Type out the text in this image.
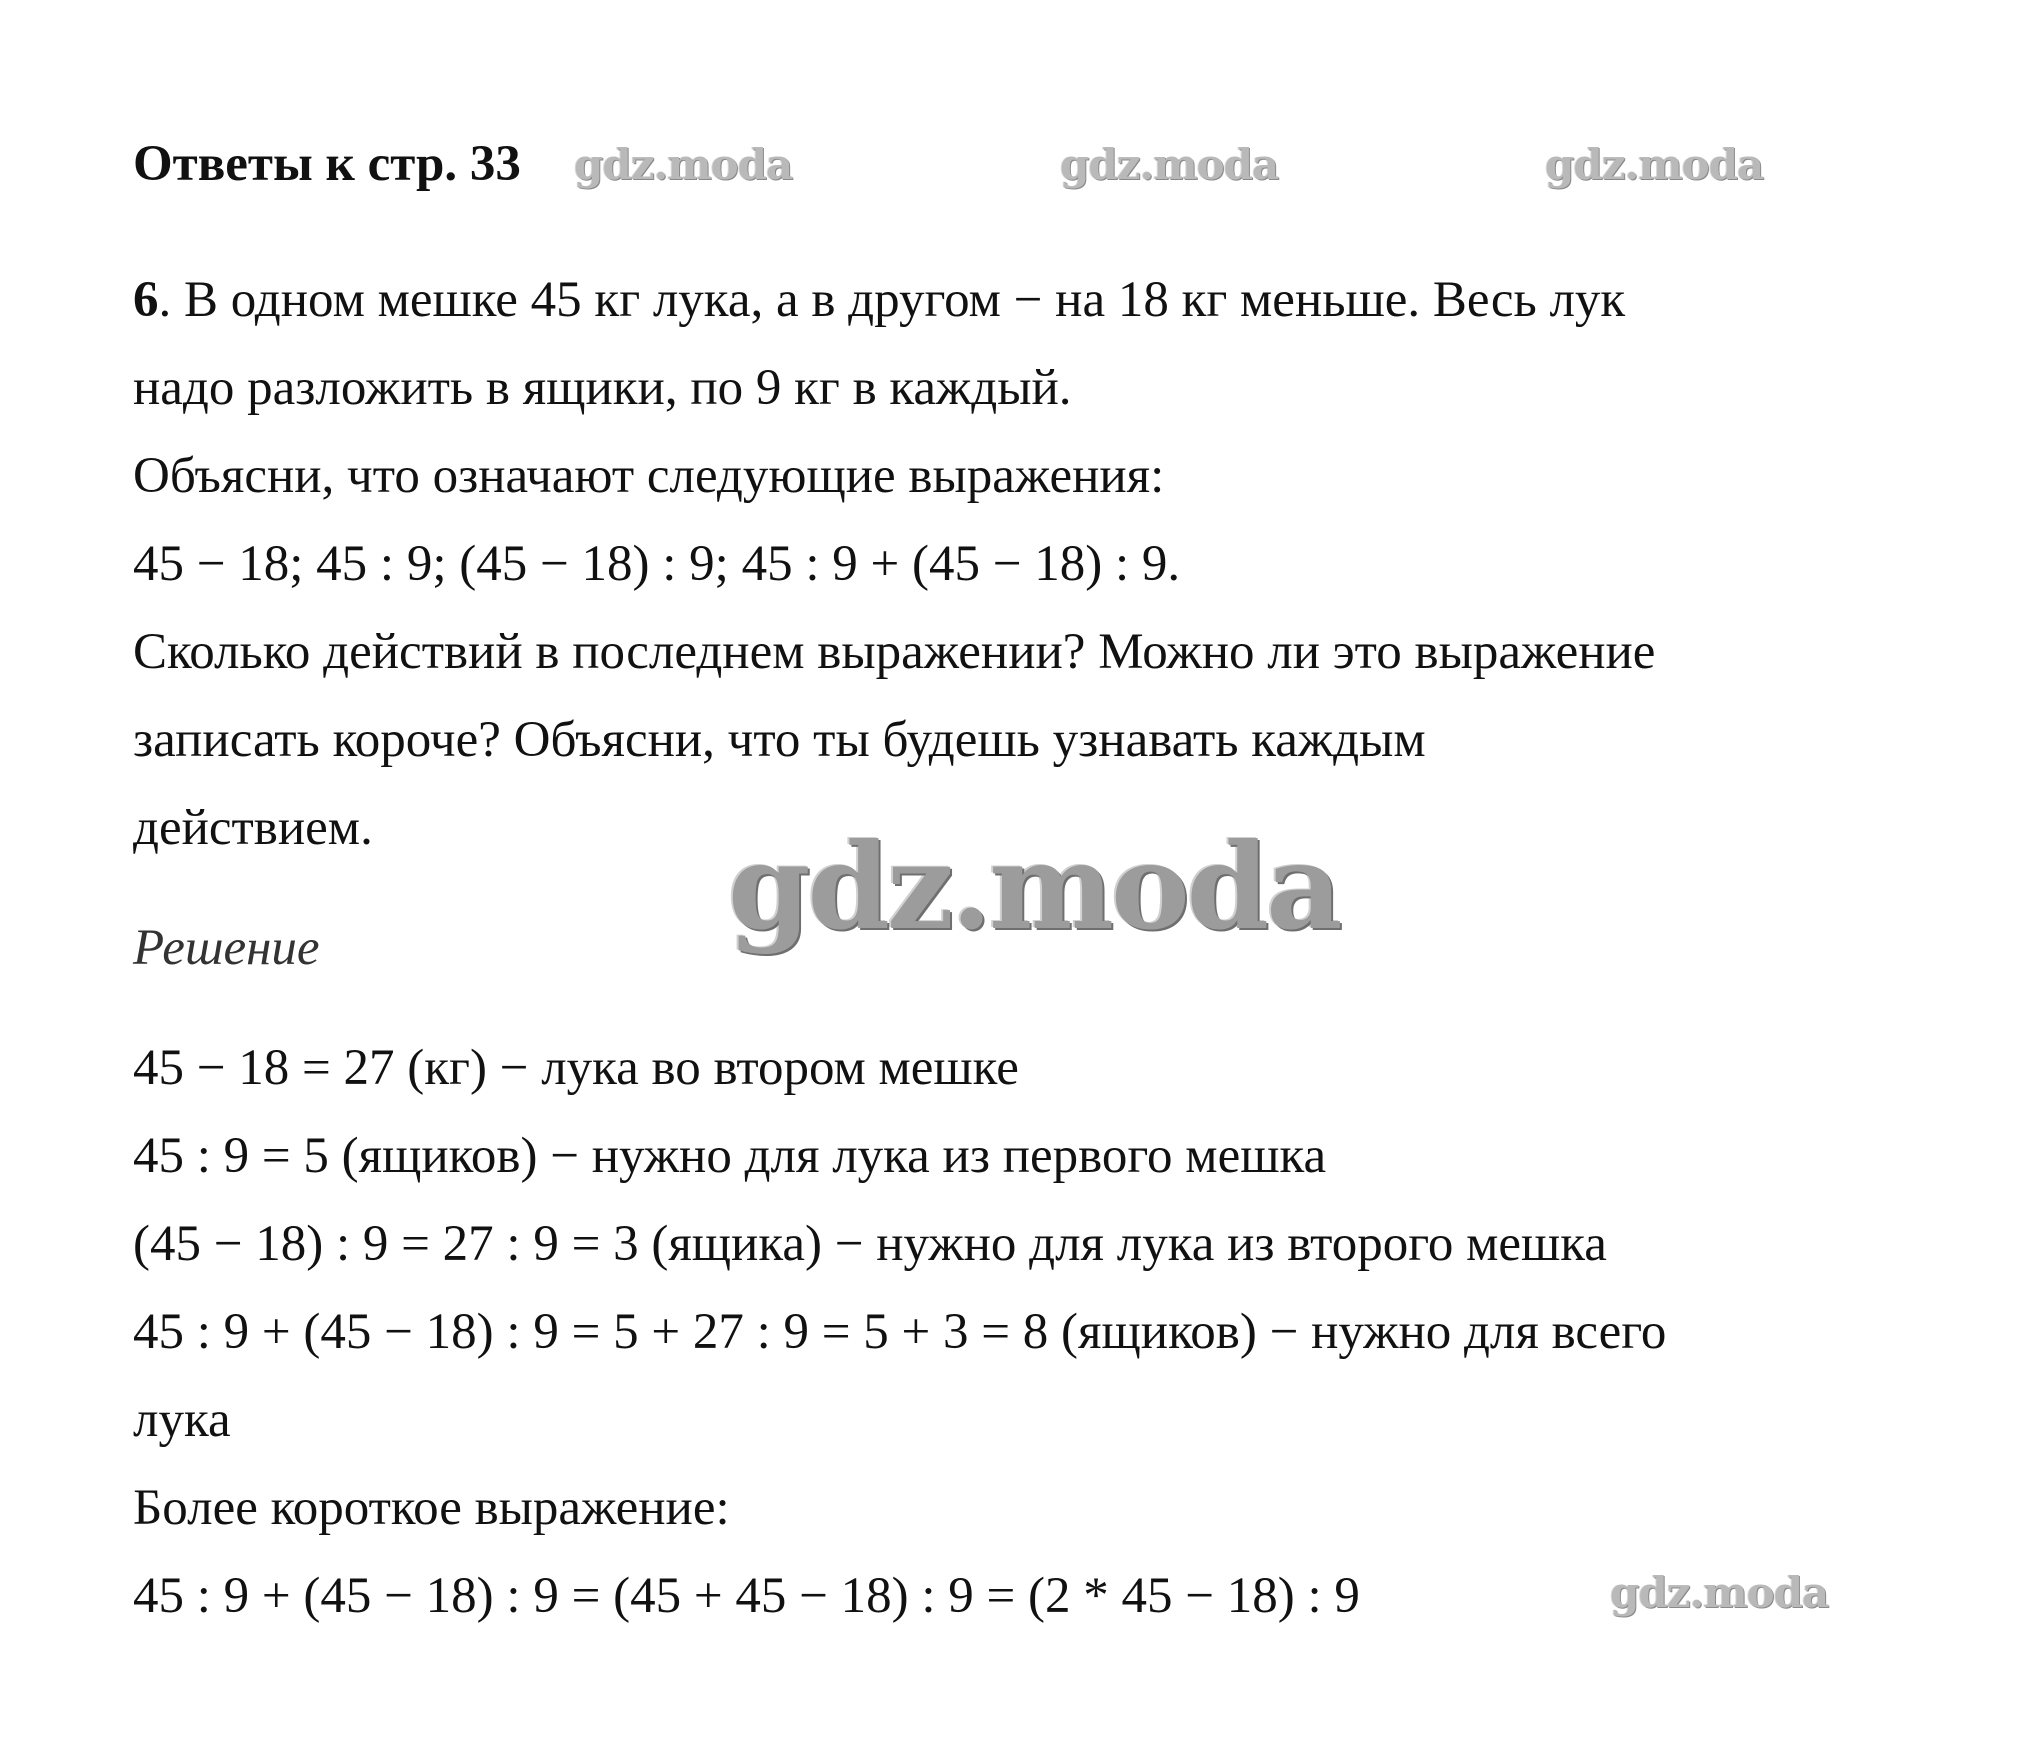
Ответы к стр. 33 gdz.moda	gdz.moda	gdz.moda
6. В одном мешке 45 кг лука, а в другом − на 18 кг меньше. Весь лук
надо разложить в ящики, по 9 кг в каждый.
Объясни, что означают следующие выражения:
45 − 18; 45 : 9; (45 − 18) : 9; 45 : 9 + (45 − 18) : 9.
Сколько действий в последнем выражении? Можно ли это выражение
записать короче? Объясни, что ты будешь узнавать каждым
действием.	gdz.moda
Решение
45 − 18 = 27 (кг) − лука во втором мешке
45 : 9 = 5 (ящиков) − нужно для лука из первого мешка
(45 − 18) : 9 = 27 : 9 = 3 (ящика) − нужно для лука из второго мешка
45 : 9 + (45 − 18) : 9 = 5 + 27 : 9 = 5 + 3 = 8 (ящиков) − нужно для всего
лука
Более короткое выражение:
45 : 9 + (45 − 18) : 9 = (45 + 45 − 18) : 9 = (2 * 45 − 18) : 9	gdz.moda
